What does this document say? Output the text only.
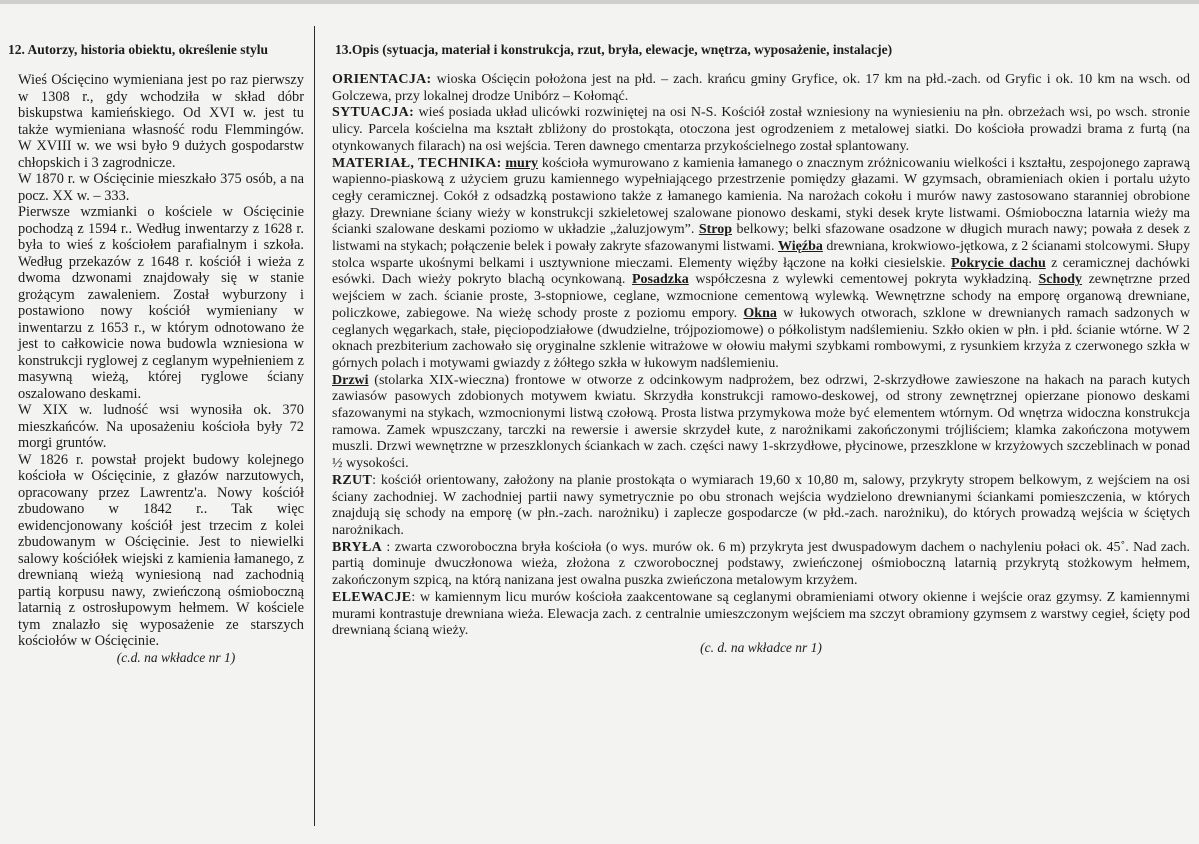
12. Autorzy, historia obiektu, określenie stylu

Wieś Ościęcino wymieniana jest po raz pierwszy w 1308 r., gdy wchodziła w skład dóbr biskupstwa kamieńskiego. Od XVI w. jest tu także wymieniana własność rodu Flemmingów. W XVIII w. we wsi było 9 dużych gospodarstw chłopskich i 3 zagrodnicze.

W 1870 r. w Ościęcinie mieszkało 375 osób, a na pocz. XX w. – 333.

Pierwsze wzmianki o kościele w Ościęcinie pochodzą z 1594 r.. Według inwentarzy z 1628 r. była to wieś z kościołem parafialnym i szkoła. Według przekazów z 1648 r. kościół i wieża z dwoma dzwonami znajdowały się w stanie grożącym zawaleniem. Został wyburzony i postawiono nowy kościół wymieniany w inwentarzu z 1653 r., w którym odnotowano że jest to całkowicie nowa budowla wzniesiona w konstrukcji ryglowej z ceglanym wypełnieniem z masywną wieżą, której ryglowe ściany oszalowano deskami.

W XIX w. ludność wsi wynosiła ok. 370 mieszkańców. Na uposażeniu kościoła były 72 morgi gruntów.

W 1826 r. powstał projekt budowy kolejnego kościoła w Ościęcinie, z głazów narzutowych, opracowany przez Lawrentz'a. Nowy kościół zbudowano w 1842 r.. Tak więc ewidencjonowany kościół jest trzecim z kolei zbudowanym w Ościęcinie. Jest to niewielki salowy kościółek wiejski z kamienia łamanego, z drewnianą wieżą wyniesioną nad zachodnią partią korpusu nawy, zwieńczoną ośmioboczną latarnią z ostrosłupowym hełmem. W kościele tym znalazło się wyposażenie ze starszych kościołów w Ościęcinie.

(c.d. na wkładce nr 1)
13.Opis (sytuacja, materiał i konstrukcja, rzut, bryła, elewacje, wnętrza, wyposażenie, instalacje)

ORIENTACJA: wioska Ościęcin położona jest na płd. – zach. krańcu gminy Gryfice, ok. 17 km na płd.-zach. od Gryfic i ok. 10 km na wsch. od Golczewa, przy lokalnej drodze Unibórz – Kołomąć.

SYTUACJA: wieś posiada układ ulicówki rozwiniętej na osi N-S. Kościół został wzniesiony na wyniesieniu na płn. obrzeżach wsi, po wsch. stronie ulicy. Parcela kościelna ma kształt zbliżony do prostokąta, otoczona jest ogrodzeniem z metalowej siatki. Do kościoła prowadzi brama z furtą (na otynkowanych filarach) na osi wejścia. Teren dawnego cmentarza przykościelnego został splantowany.

MATERIAŁ, TECHNIKA: mury kościoła wymurowano z kamienia łamanego o znacznym zróżnicowaniu wielkości i kształtu, zespojonego zaprawą wapienno-piaskową z użyciem gruzu kamiennego wypełniającego przestrzenie pomiędzy głazami. W gzymsach, obramieniach okien i portalu użyto cegły ceramicznej. Cokół z odsadzką postawiono także z łamanego kamienia. Na narożach cokołu i murów nawy zastosowano staranniej obrobione głazy. Drewniane ściany wieży w konstrukcji szkieletowej szalowane pionowo deskami, styki desek kryte listwami. Ośmioboczna latarnia wieży ma ścianki szalowane deskami poziomo w układzie „żaluzjowym”. Strop belkowy; belki sfazowane osadzone w długich murach nawy; powała z desek z listwami na stykach; połączenie belek i powały zakryte sfazowanymi listwami. Więźba drewniana, krokwiowo-jętkowa, z 2 ścianami stolcowymi. Słupy stolca wsparte ukośnymi belkami i usztywnione mieczami. Elementy więźby łączone na kołki ciesielskie. Pokrycie dachu z ceramicznej dachówki esówki. Dach wieży pokryto blachą ocynkowaną. Posadzka współczesna z wylewki cementowej pokryta wykładziną. Schody zewnętrzne przed wejściem w zach. ścianie proste, 3-stopniowe, ceglane, wzmocnione cementową wylewką. Wewnętrzne schody na emporę organową drewniane, policzkowe, zabiegowe. Na wieżę schody proste z poziomu empory. Okna w łukowych otworach, szklone w drewnianych ramach sadzonych w ceglanych węgarkach, stałe, pięciopodziałowe (dwudzielne, trójpoziomowe) o półkolistym nadślemieniu. Szkło okien w płn. i płd. ścianie wtórne. W 2 oknach prezbiterium zachowało się oryginalne szklenie witrażowe w ołowiu małymi szybkami rombowymi, z rysunkiem krzyża z czerwonego szkła w górnych polach i motywami gwiazdy z żółtego szkła w łukowym nadślemieniu.

Drzwi (stolarka XIX-wieczna) frontowe w otworze z odcinkowym nadprożem, bez odrzwi, 2-skrzydłowe zawieszone na hakach na parach kutych zawiasów pasowych zdobionych motywem kwiatu. Skrzydła konstrukcji ramowo-deskowej, od strony zewnętrznej opierzane pionowo deskami sfazowanymi na stykach, wzmocnionymi listwą czołową. Prosta listwa przymykowa może być elementem wtórnym. Od wnętrza widoczna konstrukcja ramowa. Zamek wpuszczany, tarczki na rewersie i awersie skrzydeł kute, z narożnikami zakończonymi trójliściem; klamka zakończona motywem muszli. Drzwi wewnętrzne w przeszklonych ściankach w zach. części nawy 1-skrzydłowe, płycinowe, przeszklone w krzyżowych szczeblinach w ponad ½ wysokości.

RZUT: kościół orientowany, założony na planie prostokąta o wymiarach 19,60 x 10,80 m, salowy, przykryty stropem belkowym, z wejściem na osi ściany zachodniej. W zachodniej partii nawy symetrycznie po obu stronach wejścia wydzielono drewnianymi ściankami pomieszczenia, w których znajdują się schody na emporę (w płn.-zach. narożniku) i zaplecze gospodarcze (w płd.-zach. narożniku), do których prowadzą wejścia w ściętych narożnikach.

BRYŁA : zwarta czworoboczna bryła kościoła (o wys. murów ok. 6 m) przykryta jest dwuspadowym dachem o nachyleniu połaci ok. 45˚. Nad zach. partią dominuje dwuczłonowa wieża, złożona z czworobocznej podstawy, zwieńczonej ośmioboczną latarnią przykrytą stożkowym hełmem, zakończonym szpicą, na którą nanizana jest owalna puszka zwieńczona metalowym krzyżem.

ELEWACJE: w kamiennym licu murów kościoła zaakcentowane są ceglanymi obramieniami otwory okienne i wejście oraz gzymsy. Z kamiennymi murami kontrastuje drewniana wieża. Elewacja zach. z centralnie umieszczonym wejściem ma szczyt obramiony gzymsem z warstwy cegieł, ścięty pod drewnianą ścianą wieży.

(c. d. na wkładce nr 1)
